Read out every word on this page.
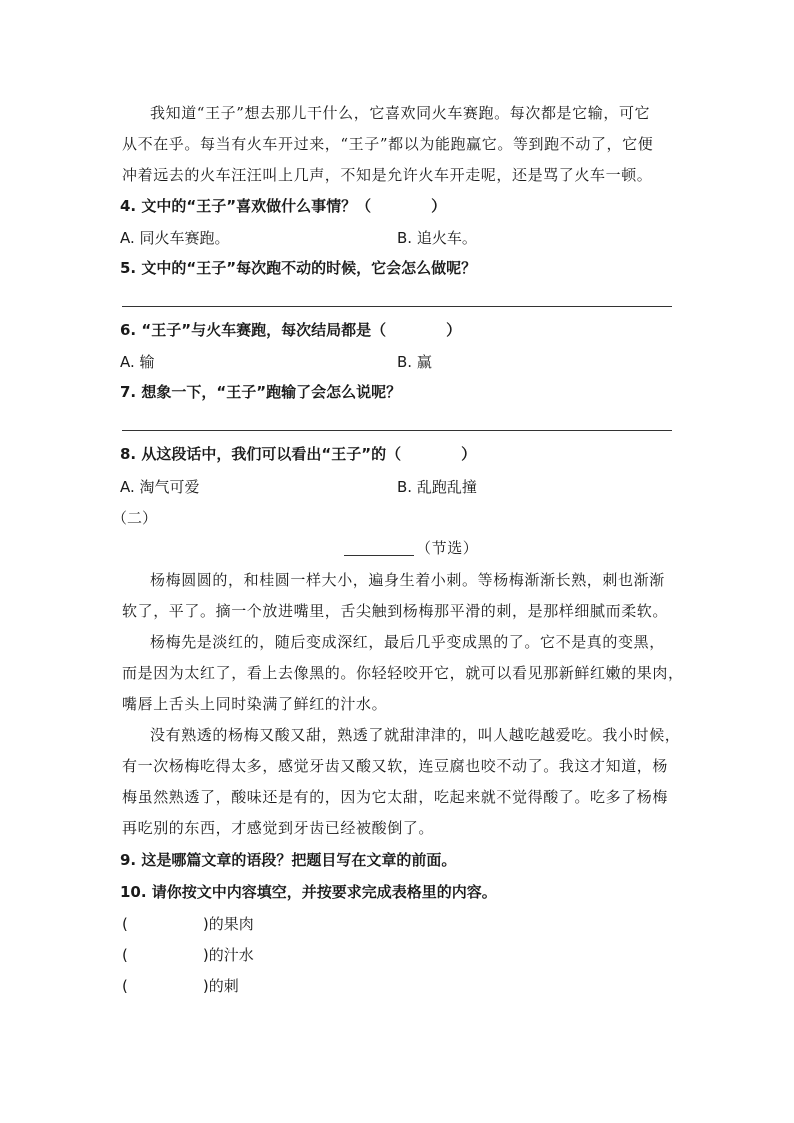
我知道“王子”想去那儿干什么，它喜欢同火车赛跑。每次都是它输，可它
从不在乎。每当有火车开过来，“王子”都以为能跑赢它。等到跑不动了，它便
冲着远去的火车汪汪叫上几声，不知是允许火车开走呢，还是骂了火车一顿。
4. 文中的“王子”喜欢做什么事情？（　　　　）
A. 同火车赛跑。	B. 追火车。
5. 文中的“王子”每次跑不动的时候，它会怎么做呢？
6. “王子”与火车赛跑，每次结局都是（　　　　）
A. 输	B. 赢
7. 想象一下，“王子”跑输了会怎么说呢？
8. 从这段话中，我们可以看出“王子”的（　　　　）
A. 淘气可爱	B. 乱跑乱撞
（二）
（节选）
杨梅圆圆的，和桂圆一样大小，遍身生着小刺。等杨梅渐渐长熟，刺也渐渐
软了，平了。摘一个放进嘴里，舌尖触到杨梅那平滑的刺，是那样细腻而柔软。
杨梅先是淡红的，随后变成深红，最后几乎变成黑的了。它不是真的变黑，
而是因为太红了，看上去像黑的。你轻轻咬开它，就可以看见那新鲜红嫩的果肉，
嘴唇上舌头上同时染满了鲜红的汁水。
没有熟透的杨梅又酸又甜，熟透了就甜津津的，叫人越吃越爱吃。我小时候，
有一次杨梅吃得太多，感觉牙齿又酸又软，连豆腐也咬不动了。我这才知道，杨
梅虽然熟透了，酸味还是有的，因为它太甜，吃起来就不觉得酸了。吃多了杨梅
再吃别的东西，才感觉到牙齿已经被酸倒了。
9. 这是哪篇文章的语段？把题目写在文章的前面。
10. 请你按文中内容填空，并按要求完成表格里的内容。
(　　　　　)的果肉
(　　　　　)的汁水
(　　　　　)的刺
